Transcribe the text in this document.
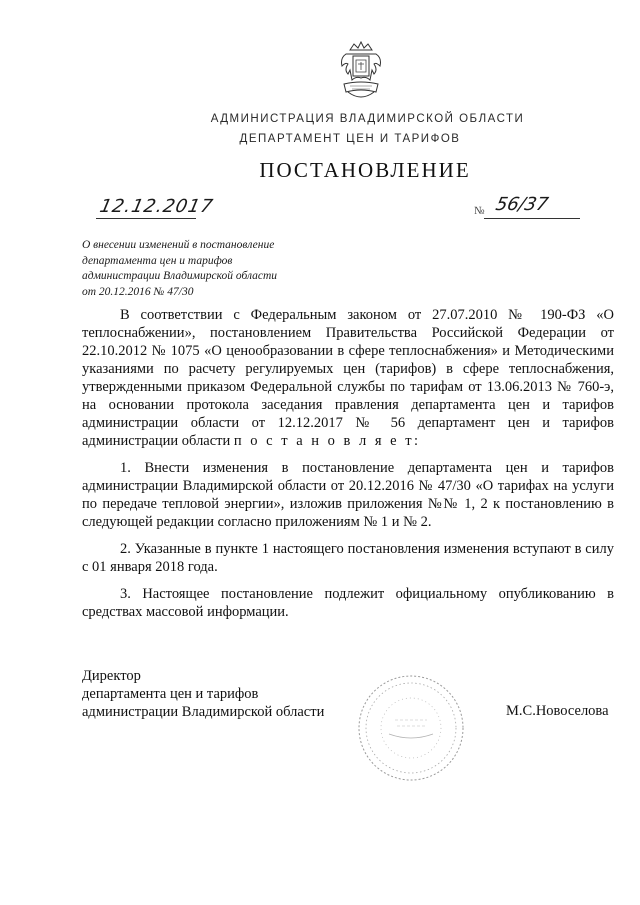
АДМИНИСТРАЦИЯ ВЛАДИМИРСКОЙ ОБЛАСТИ
ДЕПАРТАМЕНТ ЦЕН И ТАРИФОВ
ПОСТАНОВЛЕНИЕ
12.12.2017	№ 56/37
О внесении изменений в постановление
департамента цен и тарифов
администрации Владимирской области
от 20.12.2016 № 47/30

В соответствии с Федеральным законом от 27.07.2010 № 190-ФЗ «О теплоснабжении», постановлением Правительства Российской Федерации от 22.10.2012 № 1075 «О ценообразовании в сфере теплоснабжения» и Методическими указаниями по расчету регулируемых цен (тарифов) в сфере теплоснабжения, утвержденными приказом Федеральной службы по тарифам от 13.06.2013 № 760-э, на основании протокола заседания правления департамента цен и тарифов администрации области от 12.12.2017 № 56 департамент цен и тарифов администрации области п о с т а н о в л я е т:

1. Внести изменения в постановление департамента цен и тарифов администрации Владимирской области от 20.12.2016 № 47/30 «О тарифах на услуги по передаче тепловой энергии», изложив приложения №№ 1, 2 к постановлению в следующей редакции согласно приложениям № 1 и № 2.

2. Указанные в пункте 1 настоящего постановления изменения вступают в силу с 01 января 2018 года.

3. Настоящее постановление подлежит официальному опубликованию в средствах массовой информации.

Директор
департамента цен и тарифов
администрации Владимирской области	М.С.Новоселова
